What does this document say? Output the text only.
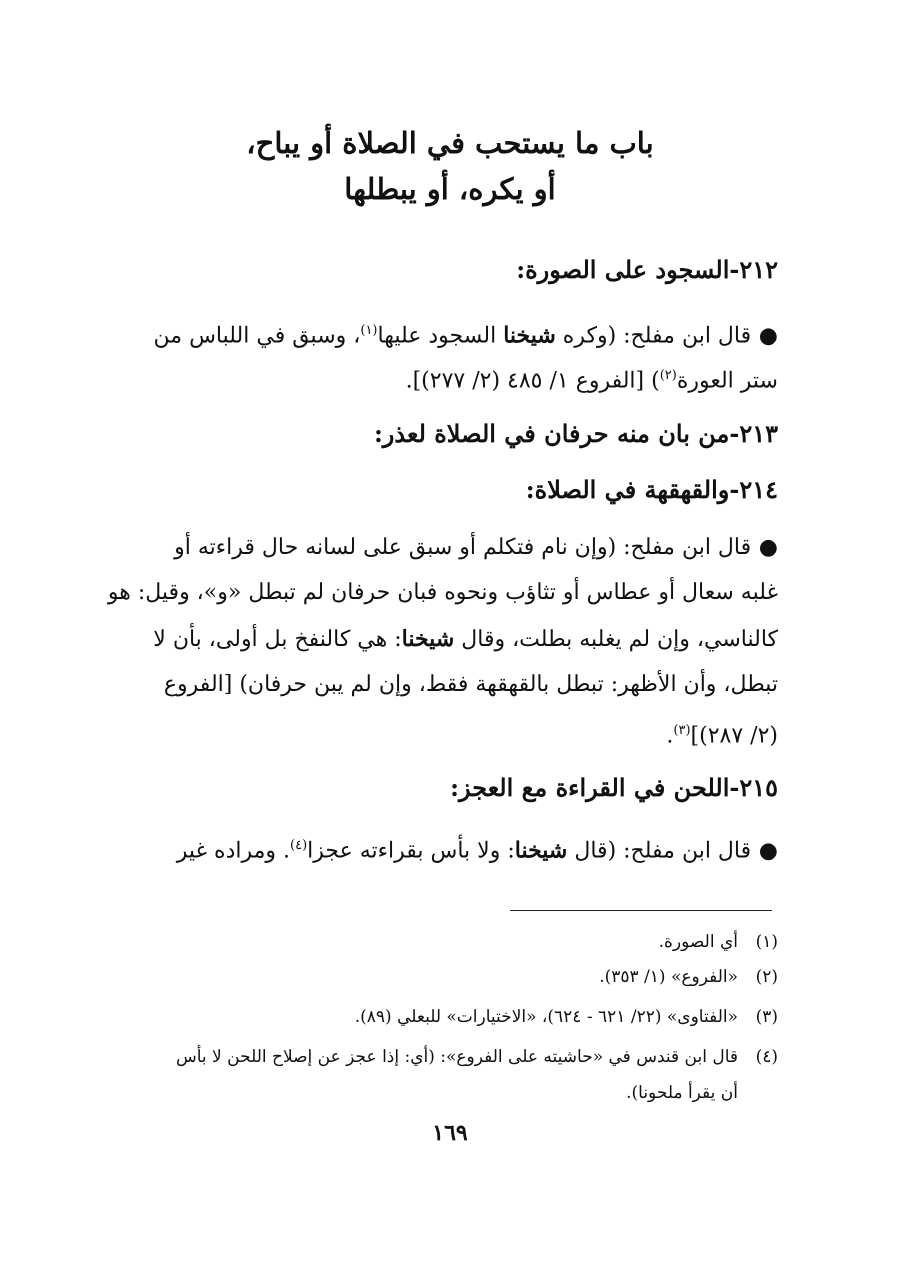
باب ما يستحب في الصلاة أو يباح،
أو يكره، أو يبطلها
٢١٢-السجود على الصورة:
● قال ابن مفلح: (وكره شيخنا السجود عليها$^{(١)}$، وسبق في اللباس من
ستر العورة$^{(٢)}$) [الفروع ١/ ٤٨٥ (٢/ ٢٧٧)].
٢١٣-من بان منه حرفان في الصلاة لعذر:
٢١٤-والقهقهة في الصلاة:
● قال ابن مفلح: (وإن نام فتكلم أو سبق على لسانه حال قراءته أو
غلبه سعال أو عطاس أو تثاؤب ونحوه فبان حرفان لم تبطل «و»، وقيل: هو
كالناسي، وإن لم يغلبه بطلت، وقال شيخنا: هي كالنفخ بل أولى، بأن لا
تبطل، وأن الأظهر: تبطل بالقهقهة فقط، وإن لم يبن حرفان) [الفروع
(٢/ ٢٨٧)]$^{(٣)}$.
٢١٥-اللحن في القراءة مع العجز:
● قال ابن مفلح: (قال شيخنا: ولا بأس بقراءته عجزا$^{(٤)}$. ومراده غير
(١)أي الصورة.
(٢)«الفروع» (١/ ٣٥٣).
(٣)«الفتاوى» (٢٢/ ٦٢١ - ٦٢٤)، «الاختيارات» للبعلي (٨٩).
(٤)قال ابن قندس في «حاشيته على الفروع»: (أي: إذا عجز عن إصلاح اللحن لا بأس
أن يقرأ ملحونا).
١٦٩
